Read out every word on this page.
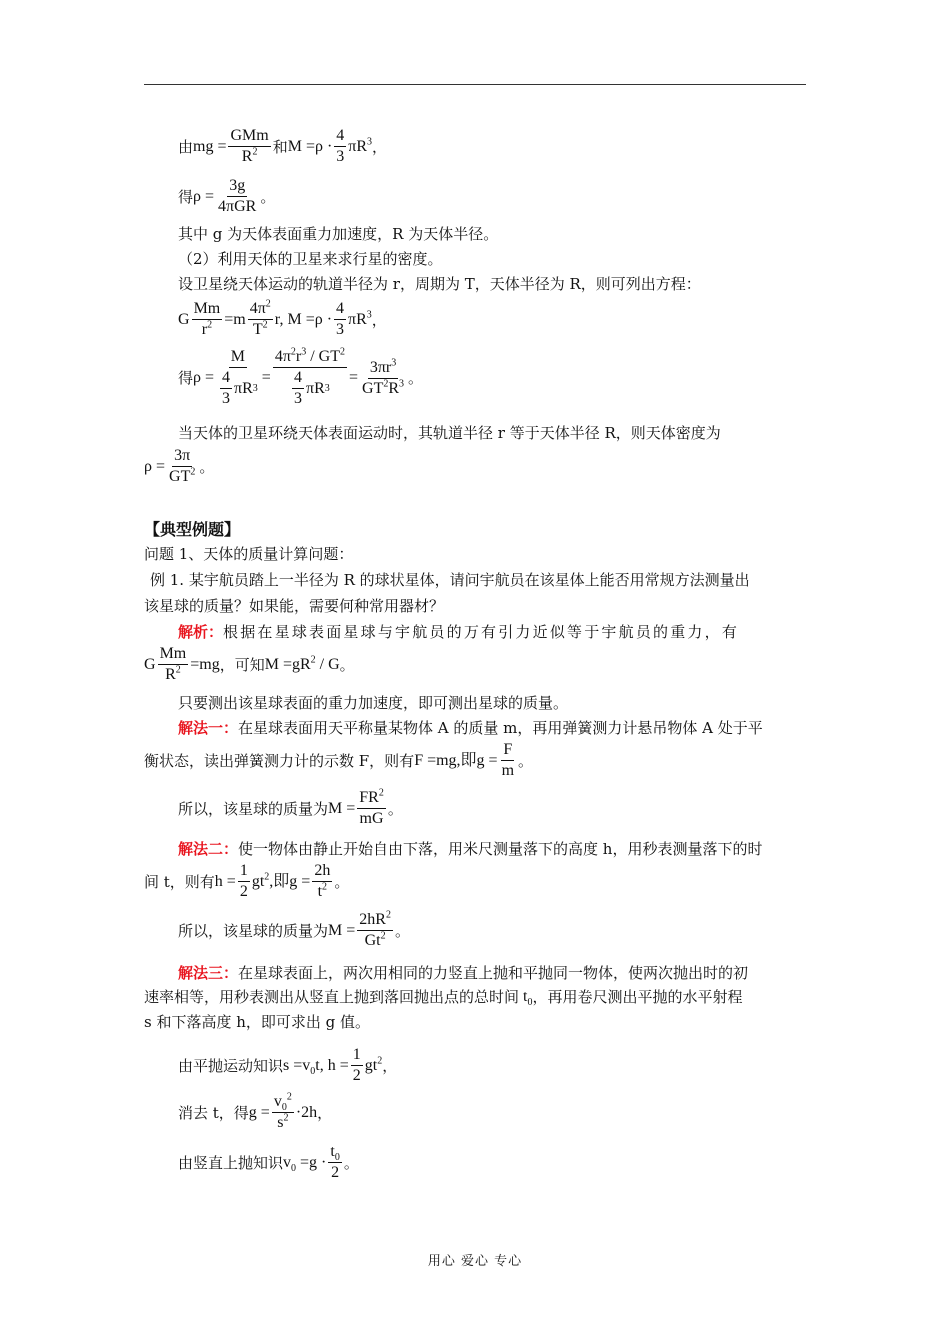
由 mg = $\frac{\text{GMm}}{R^2}$ 和 $M =\rho \cdot \frac{4}{3} \pi R^3$ ，
得 $\rho = \frac{3g}{\text{4πGR}}$ 。
其中 g 为天体表面重力加速度，R 为天体半径。
（2）利用天体的卫星来求行星的密度。
设卫星绕天体运动的轨道半径为 r，周期为 T，天体半径为 R，则可列出方程：
G $\frac{Mm}{r^2} =m \frac{4\pi^2}{T^2} r$, $M =\rho \cdot \frac{4}{3} \pi R^3$ ，
得 $\rho = \frac{M}{\frac{4}{3} \pi R 3} = \frac{4\pi^2r^3 / GT^2}{\frac{4}{3} \pi R 3} = \frac{3\pi r^3}{GT^2R^3}$ 。
当天体的卫星环绕天体表面运动时，其轨道半径 r 等于天体半径 R，则天体密度为
$\rho = \frac{3\pi}{GT^2}$ 。
【典型例题】
问题 1、天体的质量计算问题：
例 1. 某宇航员踏上一半径为 R 的球状星体，请问宇航员在该星体上能否用常规方法测量出
该星球的质量？如果能，需要何种常用器材？
解析： 根据在星球表面星球与宇航员的万有引力近似等于宇航员的重力，有
G $\frac{Mm}{R^2} =mg$ ，可知 $M =gR^2 / G$ 。
只要测出该星球表面的重力加速度，即可测出星球的质量。
解法一： 在星球表面用天平称量某物体 A 的质量 m，再用弹簧测力计悬吊物体 A 处于平
衡状态，读出弹簧测力计的示数 F，则有 F =mg,即$g = \frac{F}{m}$ 。
所以，该星球的质量为 $M = \frac{FR^2}{mG}$ 。
解法二： 使一物体由静止开始自由下落，用米尺测量落下的高度 h，用秒表测量落下的时
间 t，则有 $h = \frac{1}{2} gt^2$,即$g = \frac{2h}{t^2}$ 。
所以，该星球的质量为 $M = \frac{2hR^2}{Gt^2}$ 。
解法三： 在星球表面上，两次用相同的力竖直上抛和平抛同一物体，使两次抛出时的初
速率相等，用秒表测出从竖直上抛到落回抛出点的总时间 $t_0$ ，再用卷尺测出平抛的水平射程
s 和下落高度 h，即可求出 g 值。
由平抛运动知识 $s =v_0t$, $h = \frac{1}{2} gt^2$ ，
消去 t，得 $g = \frac{v_0^2}{s^2} \cdot 2h$ ，
由竖直上抛知识 $v_0 =g \cdot \frac{t_0}{2}$ 。
用心 爱心 专心
